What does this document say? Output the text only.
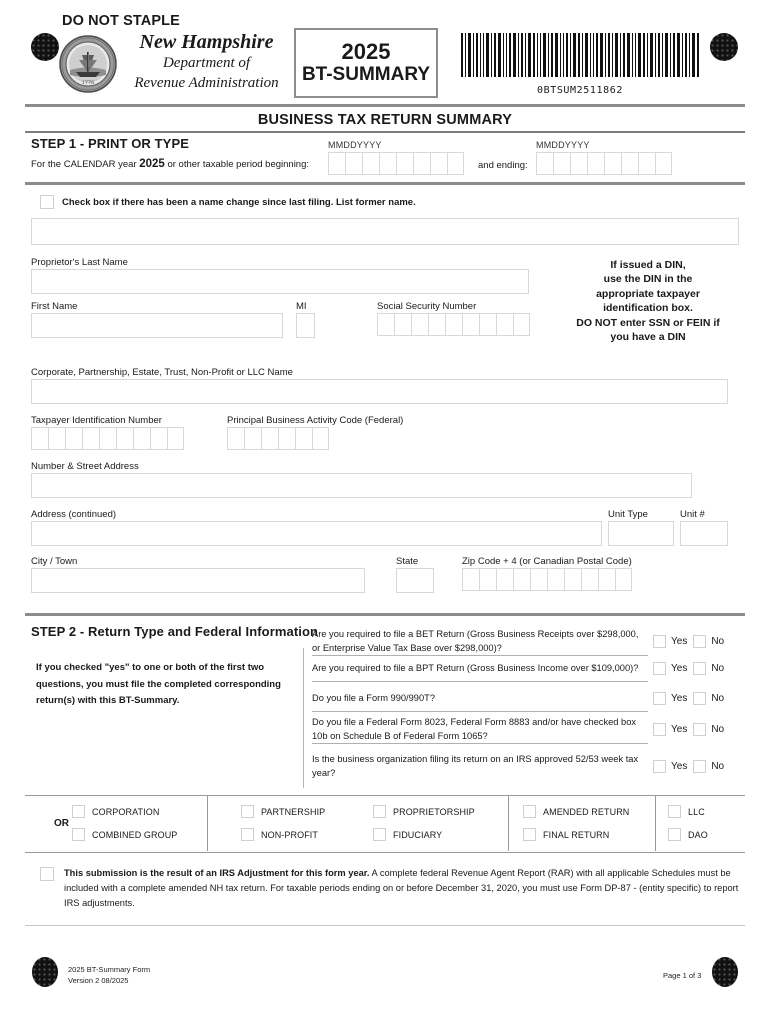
DO NOT STAPLE
1776
New Hampshire
Department of
Revenue Administration
2025
BT-SUMMARY
0BTSUM2511862
BUSINESS TAX RETURN SUMMARY
STEP 1 - PRINT OR TYPE
For the CALENDAR year 2025 or other taxable period beginning:
MMDDYYYY
and ending:
MMDDYYYY
Check box if there has been a name change since last filing. List former name.
Proprietor's Last Name
First Name	MI	Social Security Number
If issued a DIN,
use the DIN in the
appropriate taxpayer
identification box.
DO NOT enter SSN or FEIN if
you have a DIN
Corporate, Partnership, Estate, Trust, Non-Profit or LLC Name
Taxpayer Identification Number	Principal Business Activity Code (Federal)
Number & Street Address
Address (continued)	Unit Type	Unit #
City / Town	State	Zip Code + 4 (or Canadian Postal Code)
STEP 2 - Return Type and Federal Information
If you checked "yes" to one or both of the first two questions, you must file the completed corresponding return(s) with this BT-Summary.
Are you required to file a BET Return (Gross Business Receipts over $298,000, or Enterprise Value Tax Base over $298,000)?
Yes No
Are you required to file a BPT Return (Gross Business Income over $109,000)?	Yes No
Do you file a Form 990/990T?	Yes No
Do you file a Federal Form 8023, Federal Form 8883 and/or have checked box 10b on Schedule B of Federal Form 1065?
Yes No
Is the business organization filing its return on an IRS approved 52/53 week tax year?
Yes No
OR
CORPORATION
COMBINED GROUP
PARTNERSHIP
NON-PROFIT
PROPRIETORSHIP
FIDUCIARY
AMENDED RETURN
FINAL RETURN
LLC
DAO
This submission is the result of an IRS Adjustment for this form year. A complete federal Revenue Agent Report (RAR) with all applicable Schedules must be included with a complete amended NH tax return. For taxable periods ending on or before December 31, 2020, you must use Form DP-87 - (entity specific) to report IRS adjustments.
2025 BT-Summary Form
Version 2 08/2025
Page 1 of 3
